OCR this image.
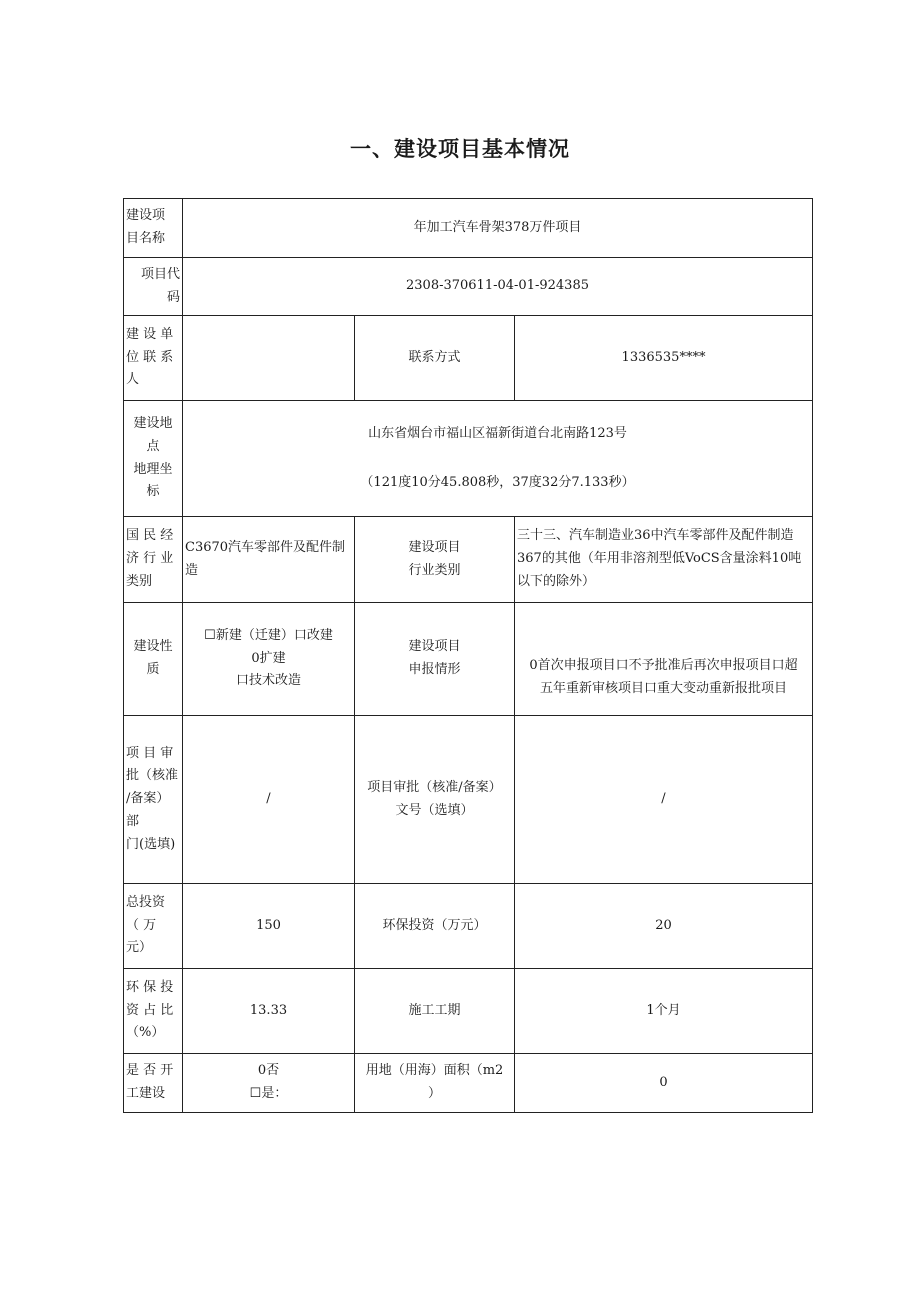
一、建设项目基本情况
建设项
目名称	年加工汽车骨架378万件项目		

项目代
码	2308-370611-04-01-924385		

建 设 单
位 联 系
人		联系方式	1336535****

建设地
点
地理坐
标	山东省烟台市福山区福新街道台北南路123号
（121度10分45.808秒，37度32分7.133秒）		

国 民 经
济 行 业
类别	C3670汽车零部件及配件制造	建设项目
行业类别	三十三、汽车制造业36中汽车零部件及配件制造367的其他（年用非溶剂型低VoCS含量涂料10吨以下的除外）

建设性
质	☐新建（迁建）口改建
0扩建
口技术改造	建设项目
申报情形	0首次申报项目口不予批准后再次申报项目口超
五年重新审核项目口重大变动重新报批项目

项 目 审
批（核准
/备案）
部
门(选填)	/	项目审批（核准/备案）
文号（选填）	/

总投资
（ 万
元）	150	环保投资（万元）	20

环 保 投
资 占 比
（%）	13.33	施工工期	1个月

是 否 开
工建设	0否
☐是：	用地（用海）面积（m2
）	0
